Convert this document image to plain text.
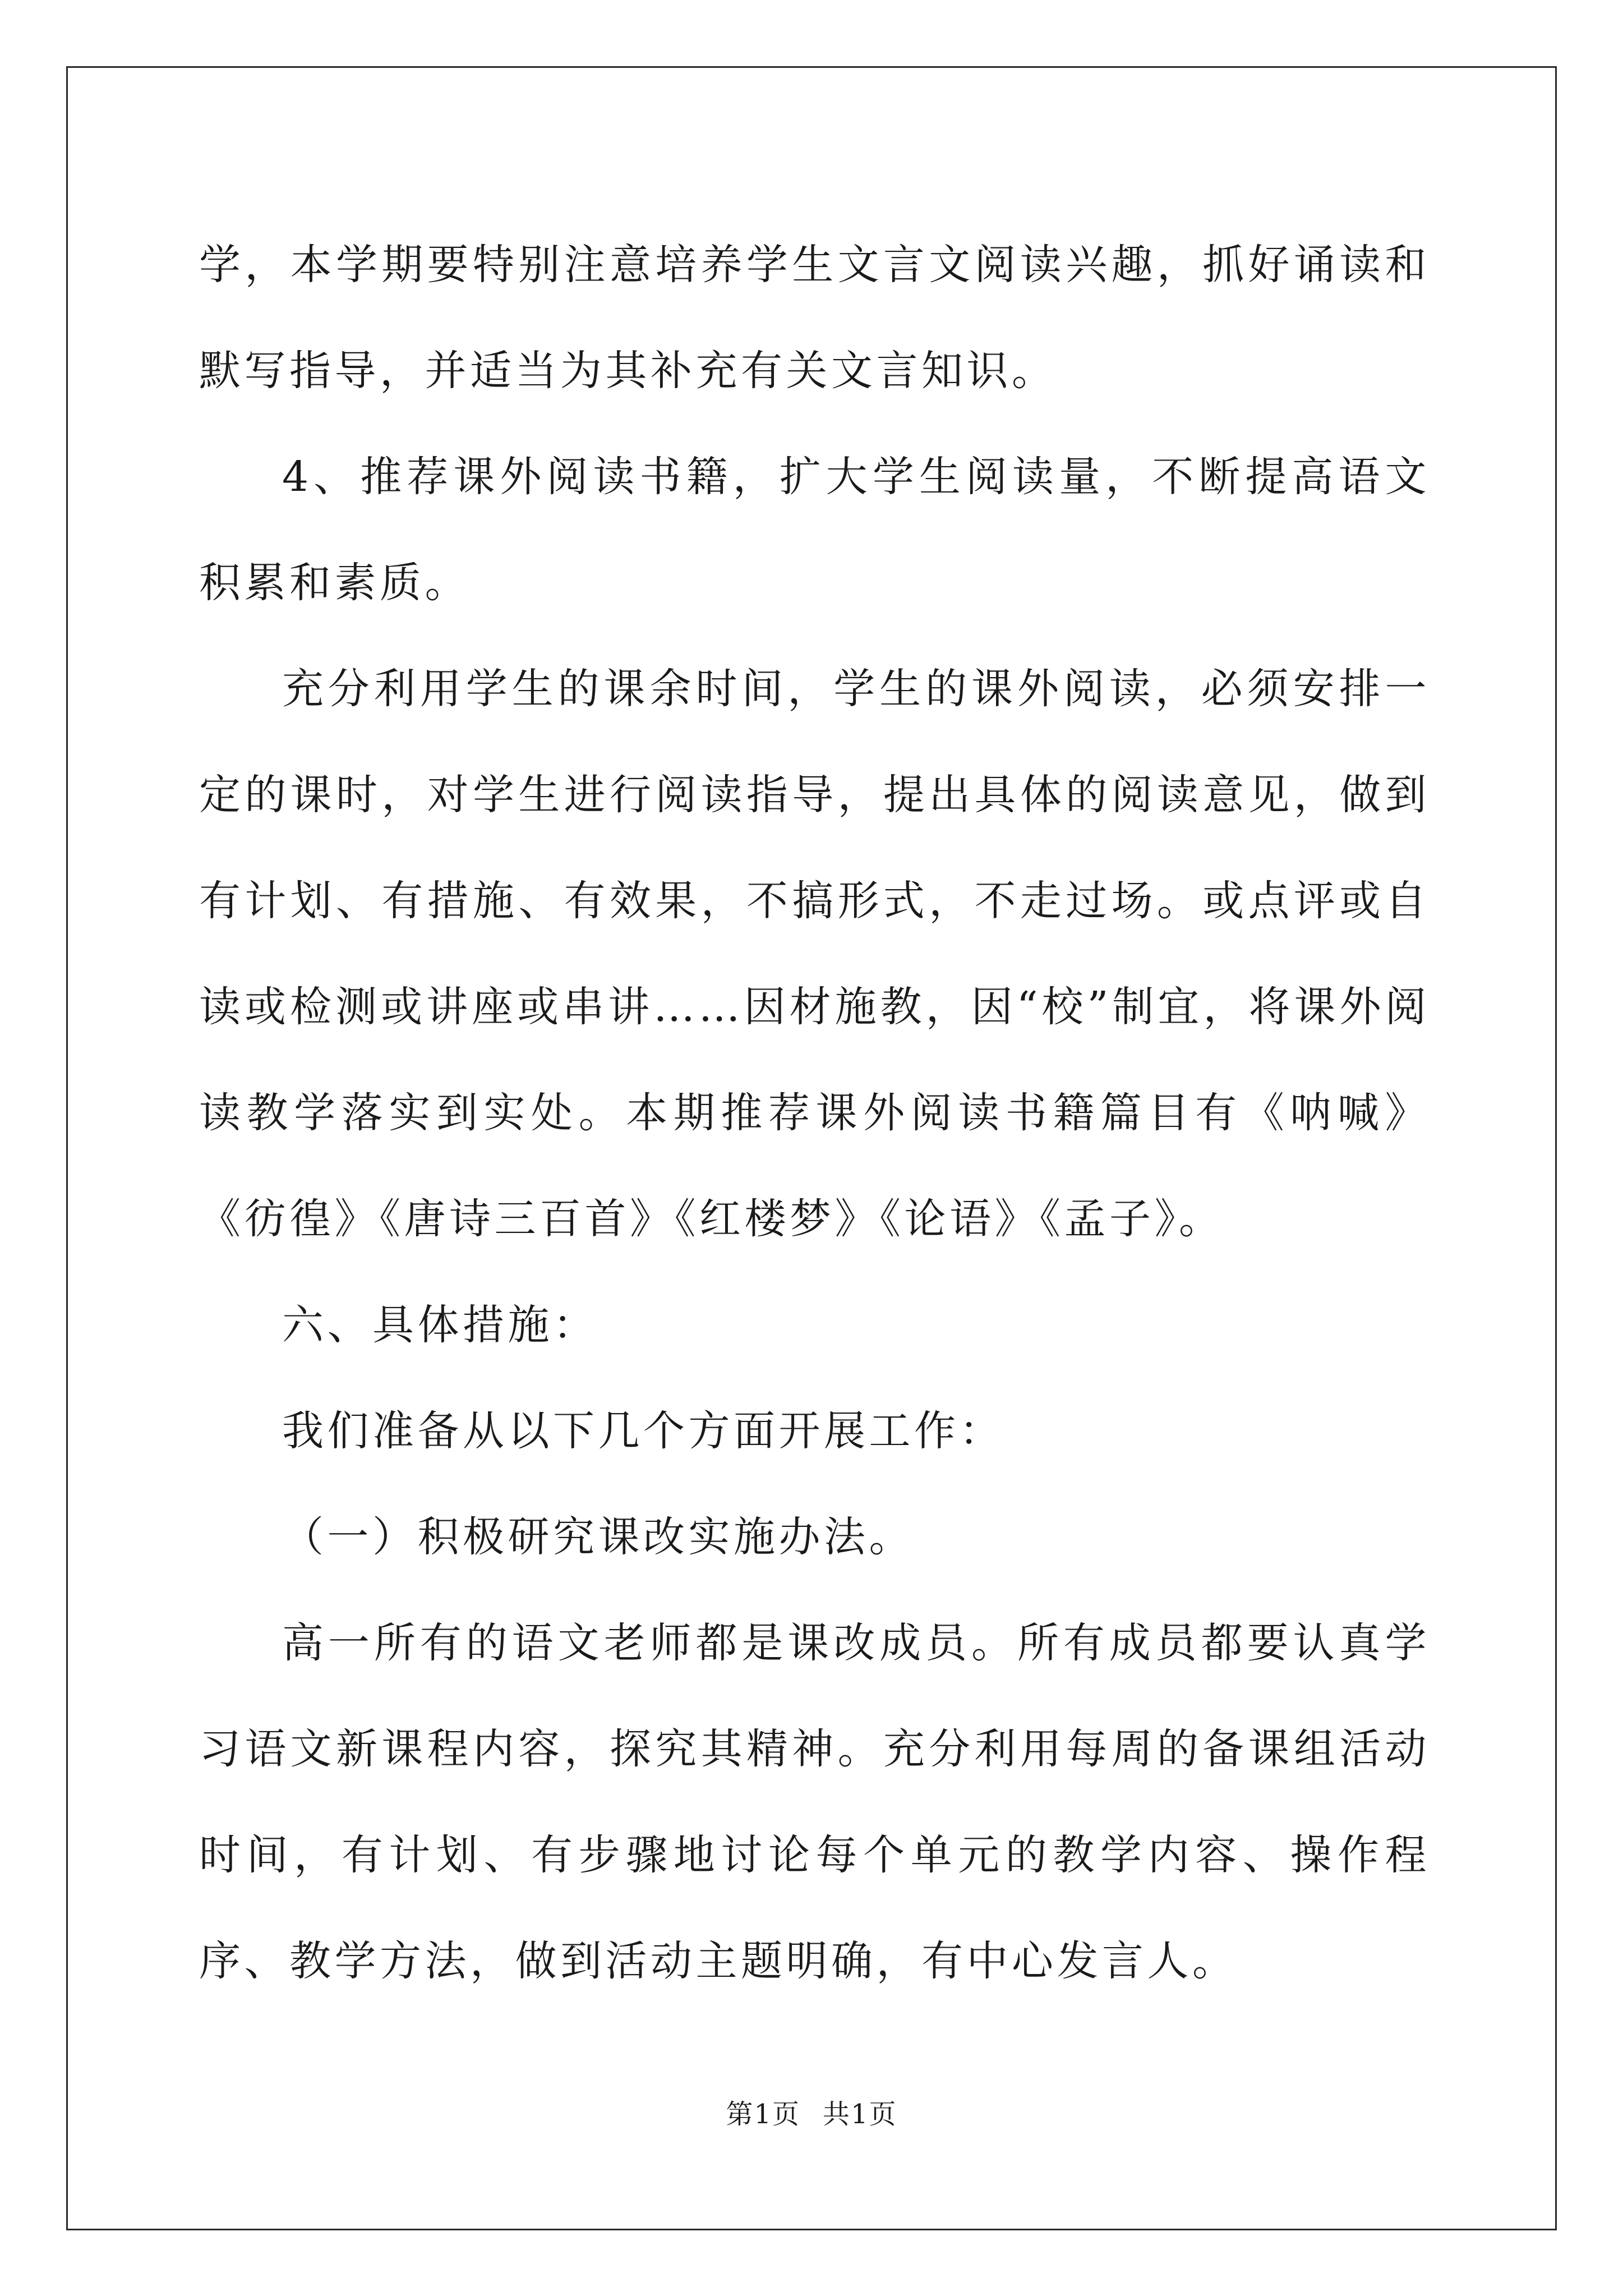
学，本学期要特别注意培养学生文言文阅读兴趣，抓好诵读和默写指导，并适当为其补充有关文言知识。

4、推荐课外阅读书籍，扩大学生阅读量，不断提高语文积累和素质。

充分利用学生的课余时间，学生的课外阅读，必须安排一定的课时，对学生进行阅读指导，提出具体的阅读意见，做到有计划、有措施、有效果，不搞形式，不走过场。或点评或自读或检测或讲座或串讲……因材施教，因“校”制宜，将课外阅读教学落实到实处。本期推荐课外阅读书籍篇目有《呐喊》《彷徨》《唐诗三百首》《红楼梦》《论语》《孟子》。

六、具体措施：

我们准备从以下几个方面开展工作：

（一）积极研究课改实施办法。

高一所有的语文老师都是课改成员。所有成员都要认真学习语文新课程内容，探究其精神。充分利用每周的备课组活动时间，有计划、有步骤地讨论每个单元的教学内容、操作程序、教学方法，做到活动主题明确，有中心发言人。

第1页 共1页
